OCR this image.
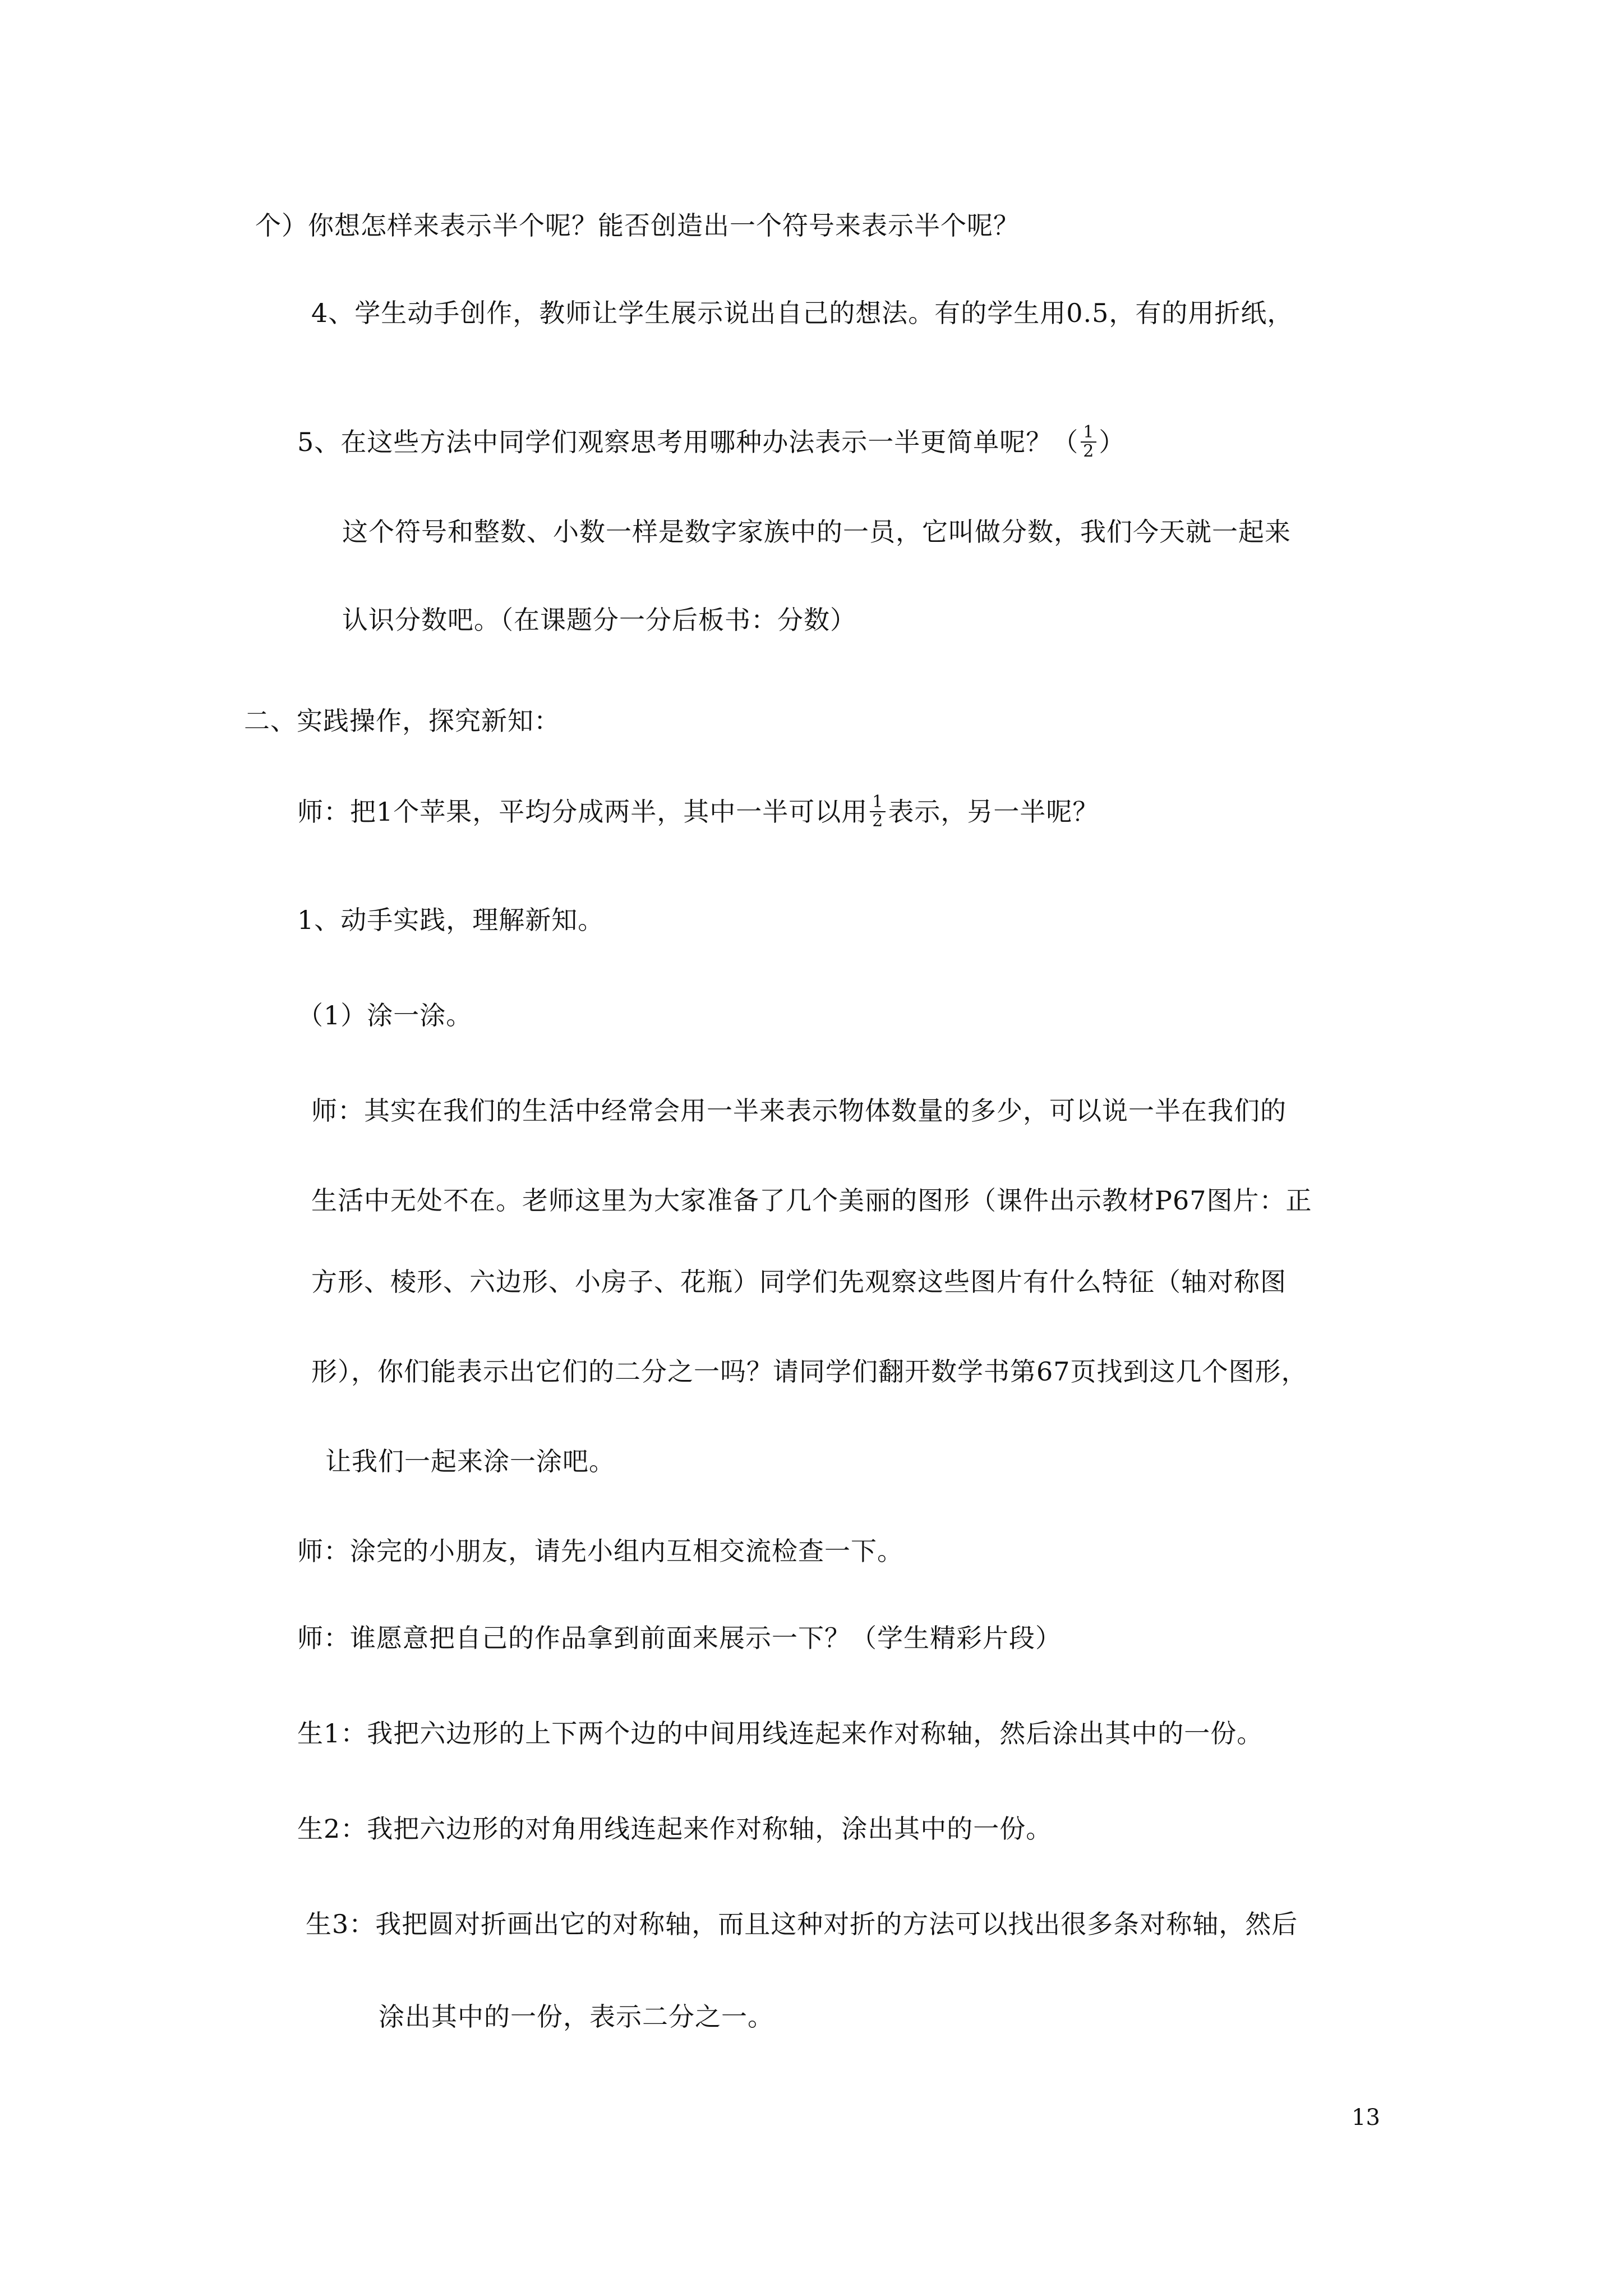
个）你想怎样来表示半个呢？能否创造出一个符号来表示半个呢？
4、学生动手创作，教师让学生展示说出自己的想法。有的学生用0.5，有的用折纸，
5、在这些方法中同学们观察思考用哪种办法表示一半更简单呢？（ $\frac{1}{2}$ ）
这个符号和整数、小数一样是数字家族中的一员，它叫做分数，我们今天就一起来
认识分数吧。（在课题分一分后板书：分数）
二、实践操作，探究新知：
师：把1个苹果，平均分成两半，其中一半可以用 $\frac{1}{2}$ 表示，另一半呢？
1、动手实践，理解新知。
（1）涂一涂。
师：其实在我们的生活中经常会用一半来表示物体数量的多少，可以说一半在我们的
生活中无处不在。老师这里为大家准备了几个美丽的图形（课件出示教材P67图片：正
方形、棱形、六边形、小房子、花瓶）同学们先观察这些图片有什么特征（轴对称图
形），你们能表示出它们的二分之一吗？请同学们翻开数学书第67页找到这几个图形，
让我们一起来涂一涂吧。
师：涂完的小朋友，请先小组内互相交流检查一下。
师：谁愿意把自己的作品拿到前面来展示一下？（学生精彩片段）
生1：我把六边形的上下两个边的中间用线连起来作对称轴，然后涂出其中的一份。
生2：我把六边形的对角用线连起来作对称轴，涂出其中的一份。
生3：我把圆对折画出它的对称轴，而且这种对折的方法可以找出很多条对称轴，然后
涂出其中的一份，表示二分之一。
13
